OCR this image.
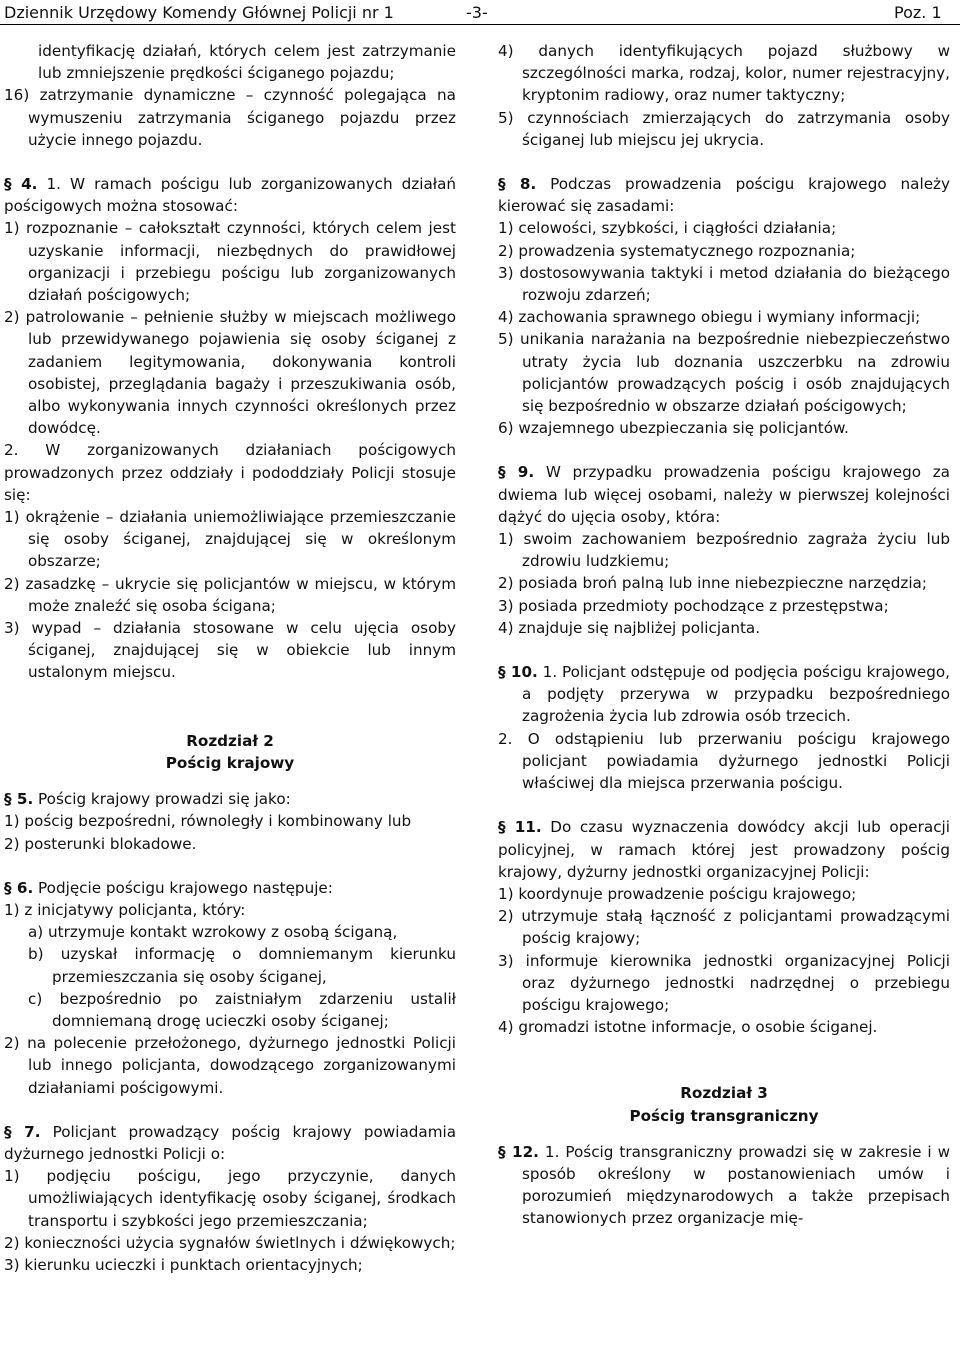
Dziennik Urzędowy Komendy Głównej Policji nr 1	-3-	Poz. 1

identyfikację działań, których celem jest zatrzymanie lub zmniejszenie prędkości ściganego pojazdu;

16) zatrzymanie dynamiczne – czynność polegająca na wymuszeniu zatrzymania ściganego pojazdu przez użycie innego pojazdu.

§ 4. 1. W ramach pościgu lub zorganizowanych działań pościgowych można stosować:

1) rozpoznanie – całokształt czynności, których celem jest uzyskanie informacji, niezbędnych do prawidłowej organizacji i przebiegu pościgu lub zorganizowanych działań pościgowych;

2) patrolowanie – pełnienie służby w miejscach możliwego lub przewidywanego pojawienia się osoby ściganej z zadaniem legitymowania, dokonywania kontroli osobistej, przeglądania bagaży i przeszukiwania osób, albo wykonywania innych czynności określonych przez dowódcę.

2. W zorganizowanych działaniach pościgowych prowadzonych przez oddziały i pododdziały Policji stosuje się:

1) okrążenie – działania uniemożliwiające przemieszczanie się osoby ściganej, znajdującej się w określonym obszarze;

2) zasadzkę – ukrycie się policjantów w miejscu, w którym może znaleźć się osoba ścigana;

3) wypad – działania stosowane w celu ujęcia osoby ściganej, znajdującej się w obiekcie lub innym ustalonym miejscu.

Rozdział 2

Pościg krajowy

§ 5. Pościg krajowy prowadzi się jako:

1) pościg bezpośredni, równoległy i kombinowany lub

2) posterunki blokadowe.

§ 6. Podjęcie pościgu krajowego następuje:

1) z inicjatywy policjanta, który:

a) utrzymuje kontakt wzrokowy z osobą ściganą,

b) uzyskał informację o domniemanym kierunku przemieszczania się osoby ściganej,

c) bezpośrednio po zaistniałym zdarzeniu ustalił domniemaną drogę ucieczki osoby ściganej;

2) na polecenie przełożonego, dyżurnego jednostki Policji lub innego policjanta, dowodzącego zorganizowanymi działaniami pościgowymi.

§ 7. Policjant prowadzący pościg krajowy powiadamia dyżurnego jednostki Policji o:

1) podjęciu pościgu, jego przyczynie, danych umożliwiających identyfikację osoby ściganej, środkach transportu i szybkości jego przemieszczania;

2) konieczności użycia sygnałów świetlnych i dźwiękowych;

3) kierunku ucieczki i punktach orientacyjnych;

4) danych identyfikujących pojazd służbowy w szczególności marka, rodzaj, kolor, numer rejestracyjny, kryptonim radiowy, oraz numer taktyczny;

5) czynnościach zmierzających do zatrzymania osoby ściganej lub miejscu jej ukrycia.

§ 8. Podczas prowadzenia pościgu krajowego należy kierować się zasadami:

1) celowości, szybkości, i ciągłości działania;

2) prowadzenia systematycznego rozpoznania;

3) dostosowywania taktyki i metod działania do bieżącego rozwoju zdarzeń;

4) zachowania sprawnego obiegu i wymiany informacji;

5) unikania narażania na bezpośrednie niebezpieczeństwo utraty życia lub doznania uszczerbku na zdrowiu policjantów prowadzących pościg i osób znajdujących się bezpośrednio w obszarze działań pościgowych;

6) wzajemnego ubezpieczania się policjantów.

§ 9. W przypadku prowadzenia pościgu krajowego za dwiema lub więcej osobami, należy w pierwszej kolejności dążyć do ujęcia osoby, która:

1) swoim zachowaniem bezpośrednio zagraża życiu lub zdrowiu ludzkiemu;

2) posiada broń palną lub inne niebezpieczne narzędzia;

3) posiada przedmioty pochodzące z przestępstwa;

4) znajduje się najbliżej policjanta.

§ 10. 1. Policjant odstępuje od podjęcia pościgu krajowego, a podjęty przerywa w przypadku bezpośredniego zagrożenia życia lub zdrowia osób trzecich.

2. O odstąpieniu lub przerwaniu pościgu krajowego policjant powiadamia dyżurnego jednostki Policji właściwej dla miejsca przerwania pościgu.

§ 11. Do czasu wyznaczenia dowódcy akcji lub operacji policyjnej, w ramach której jest prowadzony pościg krajowy, dyżurny jednostki organizacyjnej Policji:

1) koordynuje prowadzenie pościgu krajowego;

2) utrzymuje stałą łączność z policjantami prowadzącymi pościg krajowy;

3) informuje kierownika jednostki organizacyjnej Policji oraz dyżurnego jednostki nadrzędnej o przebiegu pościgu krajowego;

4) gromadzi istotne informacje, o osobie ściganej.

Rozdział 3

Pościg transgraniczny

§ 12. 1. Pościg transgraniczny prowadzi się w zakresie i w sposób określony w postanowieniach umów i porozumień międzynarodowych a także przepisach stanowionych przez organizacje mię-
